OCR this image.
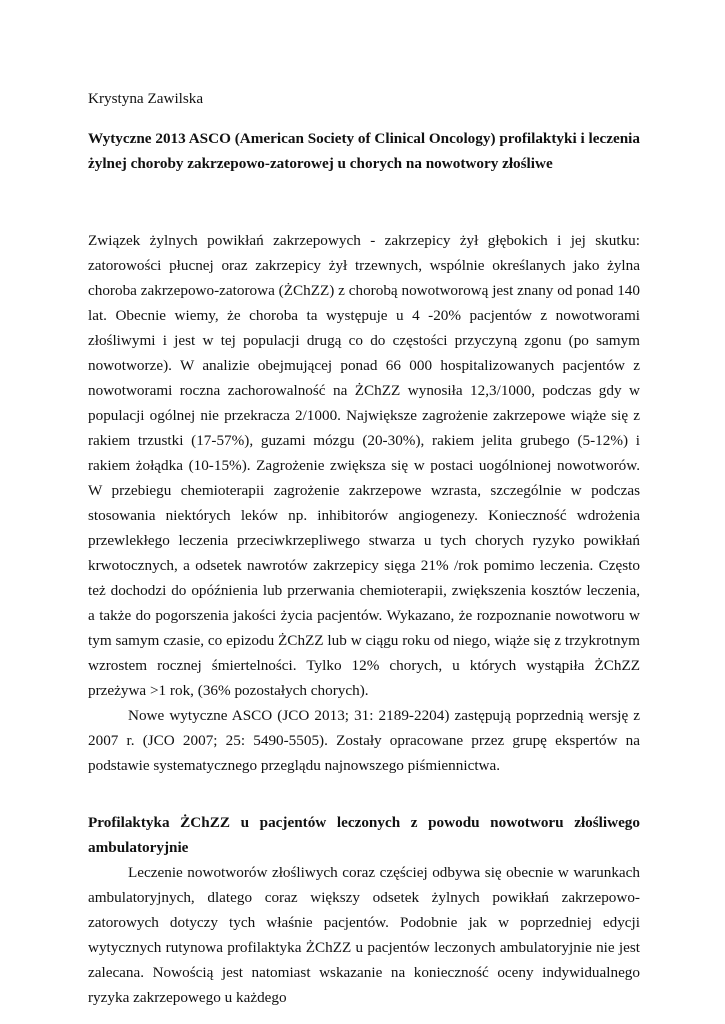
Krystyna Zawilska

Wytyczne 2013 ASCO (American Society of Clinical Oncology) profilaktyki i leczenia żylnej choroby zakrzepowo-zatorowej u chorych na nowotwory złośliwe

Związek żylnych powikłań zakrzepowych - zakrzepicy żył głębokich i jej skutku: zatorowości płucnej oraz zakrzepicy żył trzewnych, wspólnie określanych jako żylna choroba zakrzepowo-zatorowa (ŻChZZ) z chorobą nowotworową jest znany od ponad 140 lat. Obecnie wiemy, że choroba ta występuje u 4 -20% pacjentów z nowotworami złośliwymi i jest w tej populacji drugą co do częstości przyczyną zgonu (po samym nowotworze). W analizie obejmującej ponad 66 000 hospitalizowanych pacjentów z nowotworami roczna zachorowalność na ŻChZZ wynosiła 12,3/1000, podczas gdy w populacji ogólnej nie przekracza 2/1000. Największe zagrożenie zakrzepowe wiąże się z rakiem trzustki (17-57%), guzami mózgu (20-30%), rakiem jelita grubego (5-12%) i rakiem żołądka (10-15%). Zagrożenie zwiększa się w postaci uogólnionej nowotworów. W przebiegu chemioterapii zagrożenie zakrzepowe wzrasta, szczególnie w podczas stosowania niektórych leków np. inhibitorów angiogenezy. Konieczność wdrożenia przewlekłego leczenia przeciwkrzepliwego stwarza u tych chorych ryzyko powikłań krwotocznych, a odsetek nawrotów zakrzepicy sięga 21% /rok pomimo leczenia. Często też dochodzi do opóźnienia lub przerwania chemioterapii, zwiększenia kosztów leczenia, a także do pogorszenia jakości życia pacjentów. Wykazano, że rozpoznanie nowotworu w tym samym czasie, co epizodu ŻChZZ lub w ciągu roku od niego, wiąże się z trzykrotnym wzrostem rocznej śmiertelności. Tylko 12% chorych, u których wystąpiła ŻChZZ przeżywa >1 rok, (36% pozostałych chorych).

Nowe wytyczne ASCO (JCO 2013; 31: 2189-2204) zastępują poprzednią wersję z 2007 r. (JCO 2007; 25: 5490-5505). Zostały opracowane przez grupę ekspertów na podstawie systematycznego przeglądu najnowszego piśmiennictwa.

Profilaktyka ŻChZZ u pacjentów leczonych z powodu nowotworu złośliwego ambulatoryjnie

Leczenie nowotworów złośliwych coraz częściej odbywa się obecnie w warunkach ambulatoryjnych, dlatego coraz większy odsetek żylnych powikłań zakrzepowo-zatorowych dotyczy tych właśnie pacjentów. Podobnie jak w poprzedniej edycji wytycznych rutynowa profilaktyka ŻChZZ u pacjentów leczonych ambulatoryjnie nie jest zalecana. Nowością jest natomiast wskazanie na konieczność oceny indywidualnego ryzyka zakrzepowego u każdego
